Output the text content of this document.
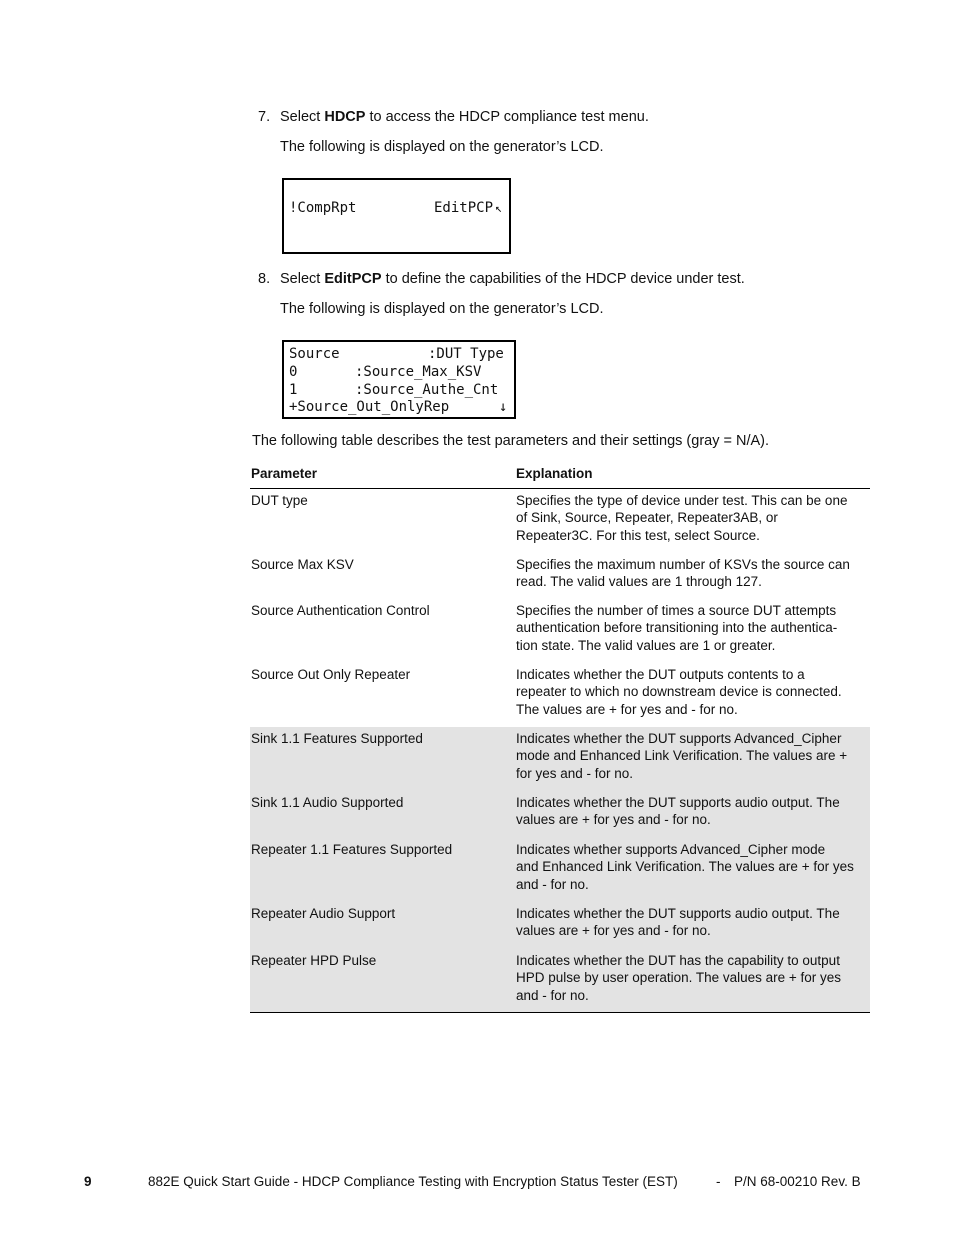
7. Select HDCP to access the HDCP compliance test menu.
The following is displayed on the generator’s LCD.
!CompRpt	EditPCP ↖
8. Select EditPCP to define the capabilities of the HDCP device under test.
The following is displayed on the generator’s LCD.
Source	:DUT Type
0	:Source_Max_KSV
1	:Source_Authe_Cnt
+Source_Out_OnlyRep	↓
The following table describes the test parameters and their settings (gray = N/A).
Parameter	Explanation
DUT type	Specifies the type of device under test. This can be one
of Sink, Source, Repeater, Repeater3AB, or
Repeater3C. For this test, select Source.
Source Max KSV	Specifies the maximum number of KSVs the source can
read. The valid values are 1 through 127.
Source Authentication Control	Specifies the number of times a source DUT attempts
authentication before transitioning into the authentica-
tion state. The valid values are 1 or greater.
Source Out Only Repeater	Indicates whether the DUT outputs contents to a
repeater to which no downstream device is connected.
The values are + for yes and - for no.
Sink 1.1 Features Supported	Indicates whether the DUT supports Advanced_Cipher
mode and Enhanced Link Verification. The values are +
for yes and - for no.
Sink 1.1 Audio Supported	Indicates whether the DUT supports audio output. The
values are + for yes and - for no.
Repeater 1.1 Features Supported	Indicates whether supports Advanced_Cipher mode
and Enhanced Link Verification. The values are + for yes
and - for no.
Repeater Audio Support	Indicates whether the DUT supports audio output. The
values are + for yes and - for no.
Repeater HPD Pulse	Indicates whether the DUT has the capability to output
HPD pulse by user operation. The values are + for yes
and - for no.
9	882E Quick Start Guide - HDCP Compliance Testing with Encryption Status Tester (EST)	- P/N 68-00210 Rev. B
